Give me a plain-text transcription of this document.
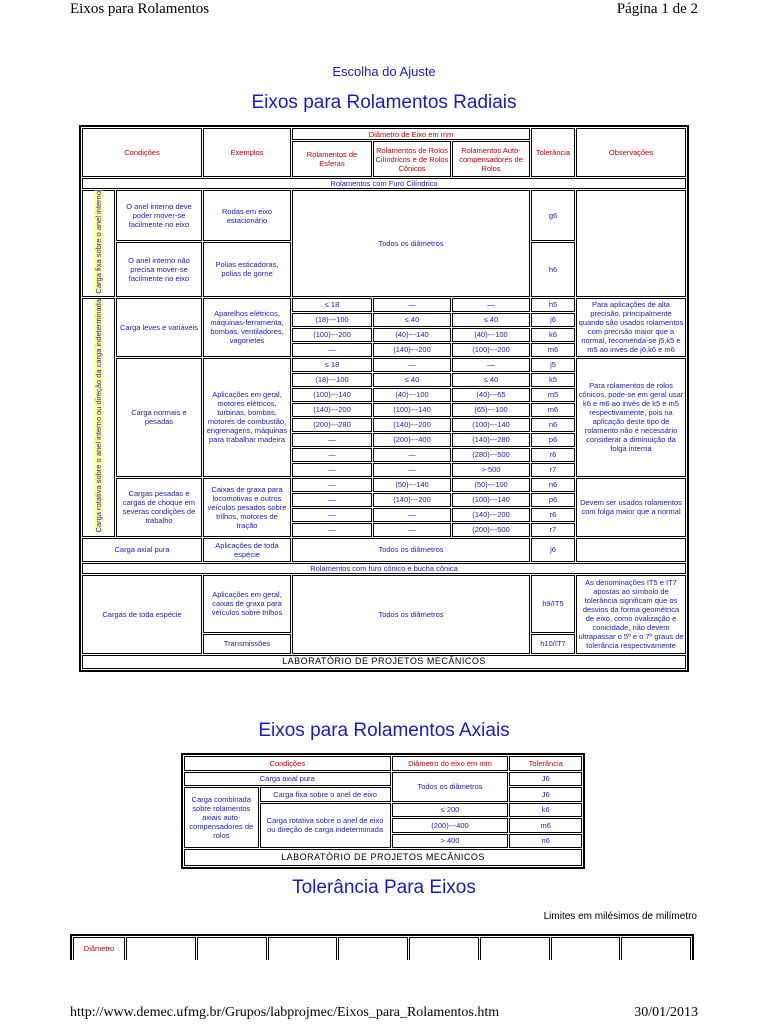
Eixos para Rolamentos	Página 1 de 2
Escolha do Ajuste
Eixos para Rolamentos Radiais
Condições		Exemplos	Diâmetro de Eixo em mm			Tolerância	Observações
			Rolamentos de Esferas	Rolamentos de Rolos Cilíndricos e de Rolos Cônicos	Rolamentos Auto-compensadores de Rolos		
Rolamentos com Furo Cilíndrico							
Carga fixa sobre o anel interno	O anel interno deve poder mover-se facilmente no eixo	Rodas em eixo estacionário	Todos os diâmetros			g6	
	O anel interno não precisa mover-se facilmente no eixo	Polias esticadoras, polias de gorne				h6	
Carga rotativa sobre o anel interno ou direção da carga indeterminada	Carga leves e variáveis	Aparelhos elétricos, máquinas-ferramenta, bombas, ventiladores, vagonetes	≤ 18	—	—	h5	Para aplicações de alta precisão, principalmente quando são usados rolamentos com precisão maior que a normal, recomenda-se j5,k5 e m5 ao invés de j6,k6 e m6
			(18)---100	≤ 40	≤ 40	j6	
			(100)---200	(40)---140	(40)---100	k6	
			—	(140)---200	(100)---200	m6	
	Carga normais e pesadas	Aplicações em geral, motores elétricos, turbinas, bombas, motores de combustão, engrenagens, máquinas para trabalhar madeira	≤ 18	—	—	j5	Para rolamentos de rolos cônicos, pode-se em geral usar k6 e m6 ao invés de k5 e m5 respectivamente, pois na aplicação deste tipo de rolamento não é necessário considerar a diminuição da folga interna
			(18)---100	≤ 40	≤ 40	k5	
			(100)---140	(40)---100	(40)---65	m5	
			(140)---200	(100)---140	(65)---100	m6	
			(200)---280	(140)---200	(100)---140	n6	
			—	(200)---400	(140)---280	p6	
			—	—	(280)---500	r6	
			—	—	> 500	r7	
	Cargas pesadas e cargas de choque em severas condições de trabalho	Caixas de graxa para locomotivas e outros veículos pesados sobre trilhos, motores de tração	—	(50)---140	(50)---100	n6	Devem ser usados rolamentos com folga maior que a normal
			—	(140)---200	(100)---140	p6	
			—	—	(140)---200	r6	
			—	—	(200)---500	r7	
Carga axial pura		Aplicações de toda espécie	Todos os diâmetros			j6	
Rolamentos com furo cônico e bucha cônica							
Cargas de toda espécie		Aplicações em geral, caixas de graxa para veículos sobre trilhos	Todos os diâmetros			h9/IT5	As denominações IT5 e IT7 apostas ao símbolo de tolerância significam que os desvios da forma geométrica de eixo, como ovalização e conicidade, não devem ultrapassar o 5º e o 7º graus de tolerância respectivamente
		Transmissões				h10/IT7	
LABORATÓRIO DE PROJETOS MECÂNICOS							
Eixos para Rolamentos Axiais
Condições		Diâmetro do eixo em mm	Tolerância
Carga axial pura		Todos os diâmetros	J6
Carga combinada sobre rolamentos axiais auto-compensadores de rolos	Carga fixa sobre o anel de eixo		J6
	Carga rotativa sobre o anel de eixo ou direção de carga indeterminada	≤ 200	k6
		(200)---400	m6
		> 400	n6
LABORATÓRIO DE PROJETOS MECÂNICOS			
Tolerância Para Eixos
Limites em milésimos de milímetro
Diâmetro								
http://www.demec.ufmg.br/Grupos/labprojmec/Eixos_para_Rolamentos.htm	30/01/2013
